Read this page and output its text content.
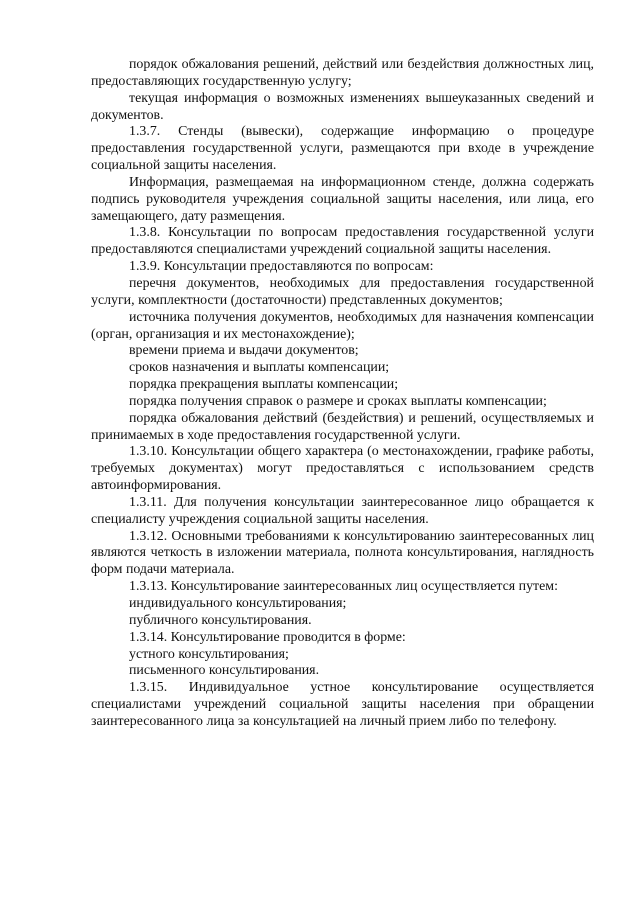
порядок обжалования решений, действий или бездействия должностных лиц, предоставляющих государственную услугу;

текущая информация о возможных изменениях вышеуказанных сведений и документов.

1.3.7. Стенды (вывески), содержащие информацию о процедуре предоставления государственной услуги, размещаются при входе в учреждение социальной защиты населения.

Информация, размещаемая на информационном стенде, должна содержать подпись руководителя учреждения социальной защиты населения, или лица, его замещающего, дату размещения.

1.3.8. Консультации по вопросам предоставления государственной услуги предоставляются специалистами учреждений социальной защиты населения.

1.3.9. Консультации предоставляются по вопросам:

перечня документов, необходимых для предоставления государственной услуги, комплектности (достаточности) представленных документов;

источника получения документов, необходимых для назначения компенсации (орган, организация и их местонахождение);

времени приема и выдачи документов;

сроков назначения и выплаты компенсации;

порядка прекращения выплаты компенсации;

порядка получения справок о размере и сроках выплаты компенсации;

порядка обжалования действий (бездействия) и решений, осуществляемых и принимаемых в ходе предоставления государственной услуги.

1.3.10. Консультации общего характера (о местонахождении, графике работы, требуемых документах) могут предоставляться с использованием средств автоинформирования.

1.3.11. Для получения консультации заинтересованное лицо обращается к специалисту учреждения социальной защиты населения.

1.3.12. Основными требованиями к консультированию заинтересованных лиц являются четкость в изложении материала, полнота консультирования, наглядность форм подачи материала.

1.3.13. Консультирование заинтересованных лиц осуществляется путем:

индивидуального консультирования;

публичного консультирования.

1.3.14. Консультирование проводится в форме:

устного консультирования;

письменного консультирования.

1.3.15. Индивидуальное устное консультирование осуществляется специалистами учреждений социальной защиты населения при обращении заинтересованного лица за консультацией на личный прием либо по телефону.
